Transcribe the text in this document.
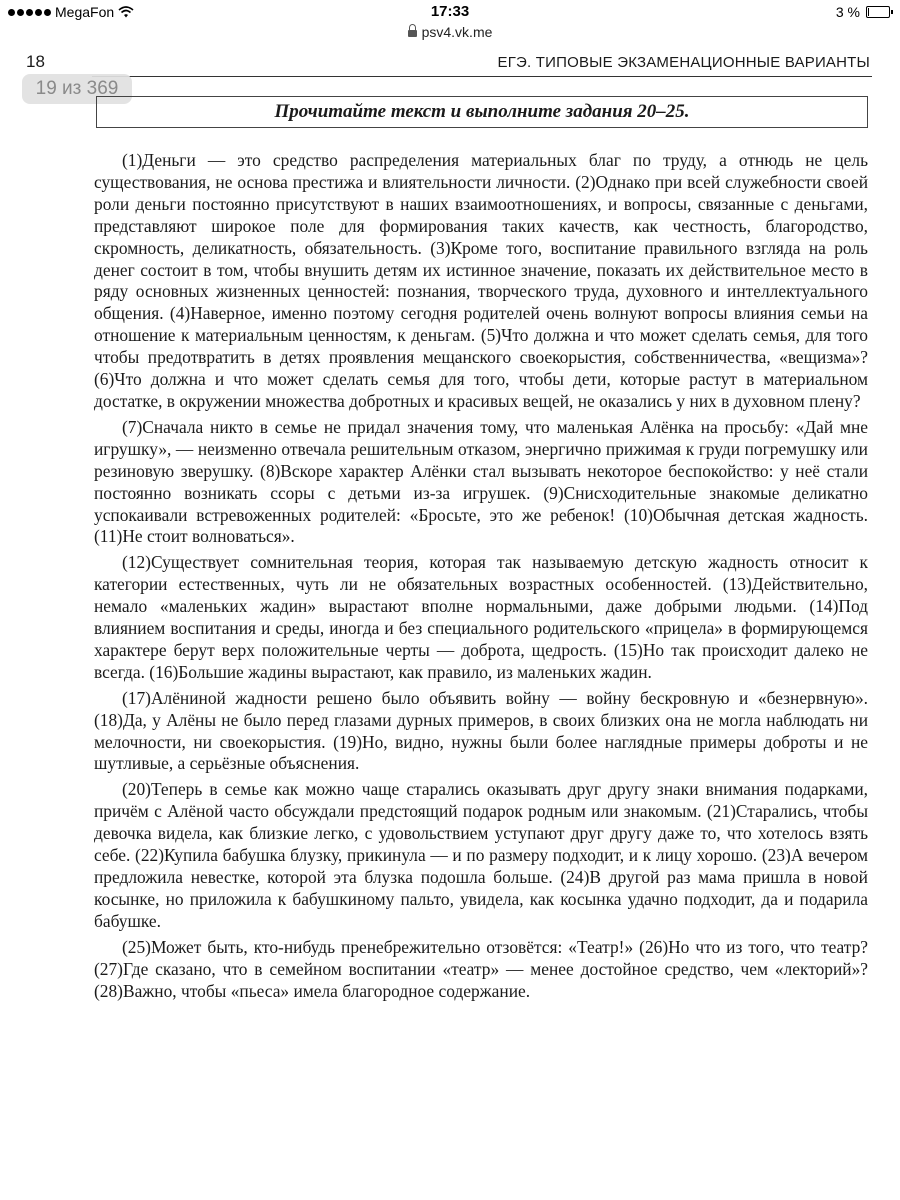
MegaFon	17:33	3 %
psv4.vk.me
18	ЕГЭ. ТИПОВЫЕ ЭКЗАМЕНАЦИОННЫЕ ВАРИАНТЫ
19 из 369
Прочитайте текст и выполните задания 20–25.

(1)Деньги — это средство распределения материальных благ по труду, а отнюдь не цель существования, не основа престижа и влиятельности личности. (2)Однако при всей служебности своей роли деньги постоянно присутствуют в наших взаимоотношениях, и вопросы, связанные с деньгами, представляют широкое поле для формирования таких качеств, как честность, благородство, скромность, деликатность, обязательность. (3)Кроме того, воспитание правильного взгляда на роль денег состоит в том, чтобы внушить детям их истинное значение, показать их действительное место в ряду основных жизненных ценностей: познания, творческого труда, духовного и интеллектуального общения. (4)Наверное, именно поэтому сегодня родителей очень волнуют вопросы влияния семьи на отношение к материальным ценностям, к деньгам. (5)Что должна и что может сделать семья, для того чтобы предотвратить в детях проявления мещанского своекорыстия, собственничества, «вещизма»? (6)Что должна и что может сделать семья для того, чтобы дети, которые растут в материальном достатке, в окружении множества добротных и красивых вещей, не оказались у них в духовном плену?

(7)Сначала никто в семье не придал значения тому, что маленькая Алёнка на просьбу: «Дай мне игрушку», — неизменно отвечала решительным отказом, энергично прижимая к груди погремушку или резиновую зверушку. (8)Вскоре характер Алёнки стал вызывать некоторое беспокойство: у неё стали постоянно возникать ссоры с детьми из-за игрушек. (9)Снисходительные знакомые деликатно успокаивали встревоженных родителей: «Бросьте, это же ребенок! (10)Обычная детская жадность. (11)Не стоит волноваться».

(12)Существует сомнительная теория, которая так называемую детскую жадность относит к категории естественных, чуть ли не обязательных возрастных особенностей. (13)Действительно, немало «маленьких жадин» вырастают вполне нормальными, даже добрыми людьми. (14)Под влиянием воспитания и среды, иногда и без специального родительского «прицела» в формирующемся характере берут верх положительные черты — доброта, щедрость. (15)Но так происходит далеко не всегда. (16)Большие жадины вырастают, как правило, из маленьких жадин.

(17)Алёниной жадности решено было объявить войну — войну бескровную и «безнервную». (18)Да, у Алёны не было перед глазами дурных примеров, в своих близких она не могла наблюдать ни мелочности, ни своекорыстия. (19)Но, видно, нужны были более наглядные примеры доброты и не шутливые, а серьёзные объяснения.

(20)Теперь в семье как можно чаще старались оказывать друг другу знаки внимания подарками, причём с Алёной часто обсуждали предстоящий подарок родным или знакомым. (21)Старались, чтобы девочка видела, как близкие легко, с удовольствием уступают друг другу даже то, что хотелось взять себе. (22)Купила бабушка блузку, прикинула — и по размеру подходит, и к лицу хорошо. (23)А вечером предложила невестке, которой эта блузка подошла больше. (24)В другой раз мама пришла в новой косынке, но приложила к бабушкиному пальто, увидела, как косынка удачно подходит, да и подарила бабушке.

(25)Может быть, кто-нибудь пренебрежительно отзовётся: «Театр!» (26)Но что из того, что театр? (27)Где сказано, что в семейном воспитании «театр» — менее достойное средство, чем «лекторий»? (28)Важно, чтобы «пьеса» имела благородное содержание.
